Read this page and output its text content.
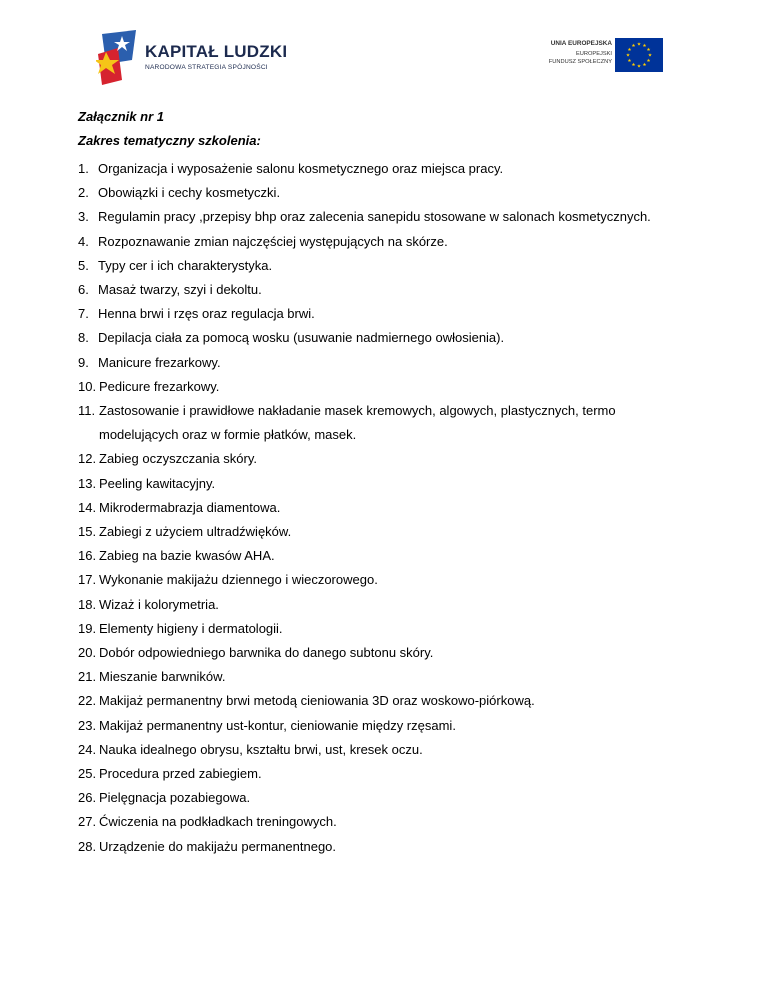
KAPITAŁ LUDZKI
NARODOWA STRATEGIA SPÓJNOŚCI
UNIA EUROPEJSKA
EUROPEJSKI
FUNDUSZ SPOŁECZNY
Załącznik nr 1
Zakres tematyczny szkolenia:
1. Organizacja i wyposażenie salonu kosmetycznego oraz miejsca pracy.
2. Obowiązki i cechy kosmetyczki.
3. Regulamin pracy ,przepisy bhp oraz zalecenia sanepidu stosowane w salonach kosmetycznych.
4. Rozpoznawanie zmian najczęściej występujących na skórze.
5. Typy cer i ich charakterystyka.
6. Masaż twarzy, szyi i dekoltu.
7. Henna brwi i rzęs oraz regulacja brwi.
8. Depilacja ciała za pomocą wosku (usuwanie nadmiernego owłosienia).
9. Manicure frezarkowy.
10. Pedicure frezarkowy.
11. Zastosowanie i prawidłowe nakładanie masek kremowych, algowych, plastycznych, termo
modelujących oraz w formie płatków, masek.
12. Zabieg oczyszczania skóry.
13. Peeling kawitacyjny.
14. Mikrodermabrazja diamentowa.
15. Zabiegi z użyciem ultradźwięków.
16. Zabieg na bazie kwasów AHA.
17. Wykonanie makijażu dziennego i wieczorowego.
18. Wizaż i kolorymetria.
19. Elementy higieny i dermatologii.
20. Dobór odpowiedniego barwnika do danego subtonu skóry.
21. Mieszanie barwników.
22. Makijaż permanentny brwi metodą cieniowania 3D oraz woskowo-piórkową.
23. Makijaż permanentny ust-kontur, cieniowanie między rzęsami.
24. Nauka idealnego obrysu, kształtu brwi, ust, kresek oczu.
25. Procedura przed zabiegiem.
26. Pielęgnacja pozabiegowa.
27. Ćwiczenia na podkładkach treningowych.
28. Urządzenie do makijażu permanentnego.
